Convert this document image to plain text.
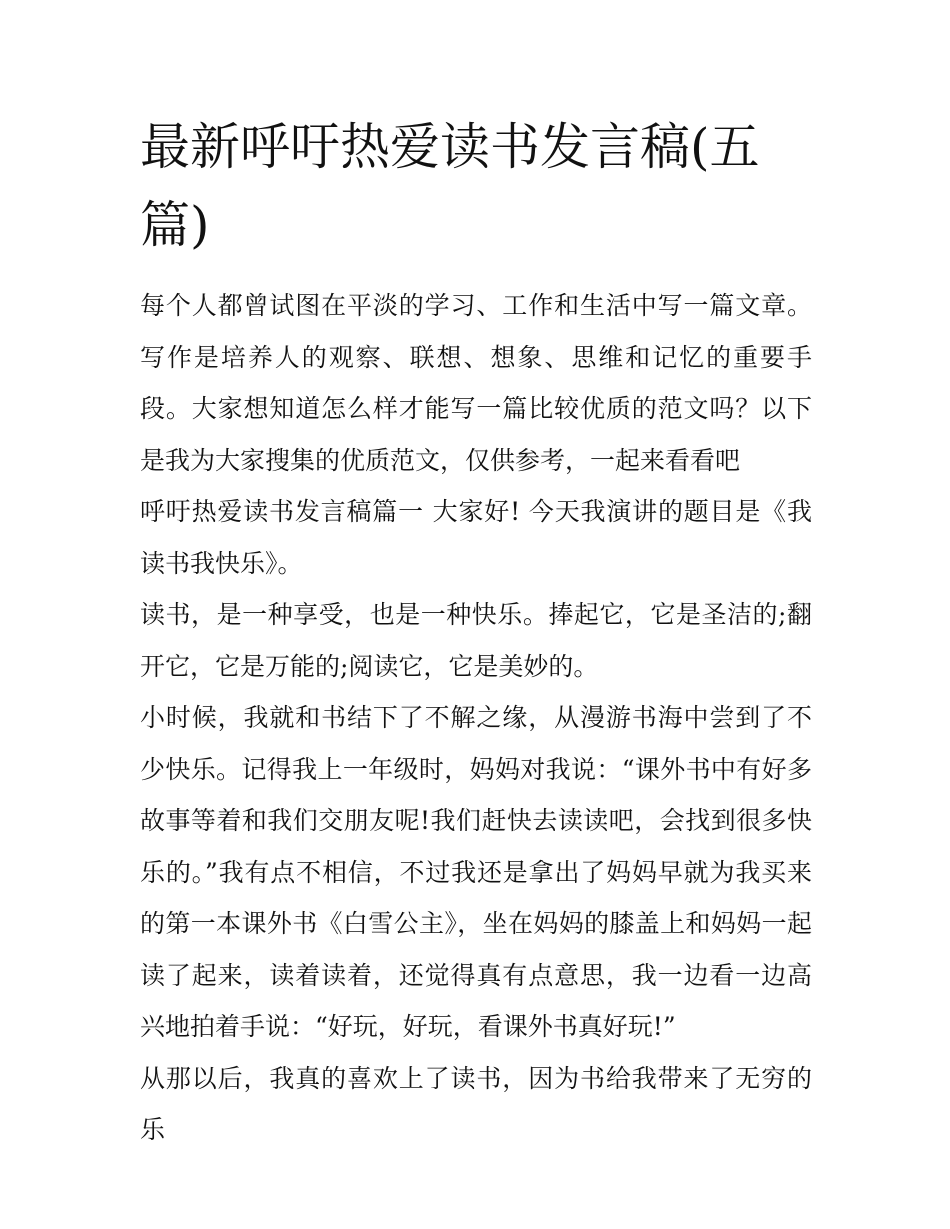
最新呼吁热爱读书发言稿(五篇)

每个人都曾试图在平淡的学习、工作和生活中写一篇文章。写作是培养人的观察、联想、想象、思维和记忆的重要手段。大家想知道怎么样才能写一篇比较优质的范文吗？以下是我为大家搜集的优质范文，仅供参考，一起来看看吧

呼吁热爱读书发言稿篇一 大家好! 今天我演讲的题目是《我读书我快乐》。

读书，是一种享受，也是一种快乐。捧起它，它是圣洁的;翻开它，它是万能的;阅读它，它是美妙的。

小时候，我就和书结下了不解之缘，从漫游书海中尝到了不少快乐。记得我上一年级时，妈妈对我说：“课外书中有好多故事等着和我们交朋友呢!我们赶快去读读吧，会找到很多快乐的。”我有点不相信，不过我还是拿出了妈妈早就为我买来的第一本课外书《白雪公主》，坐在妈妈的膝盖上和妈妈一起读了起来，读着读着，还觉得真有点意思，我一边看一边高兴地拍着手说：“好玩，好玩，看课外书真好玩!”

从那以后，我真的喜欢上了读书，因为书给我带来了无穷的乐
